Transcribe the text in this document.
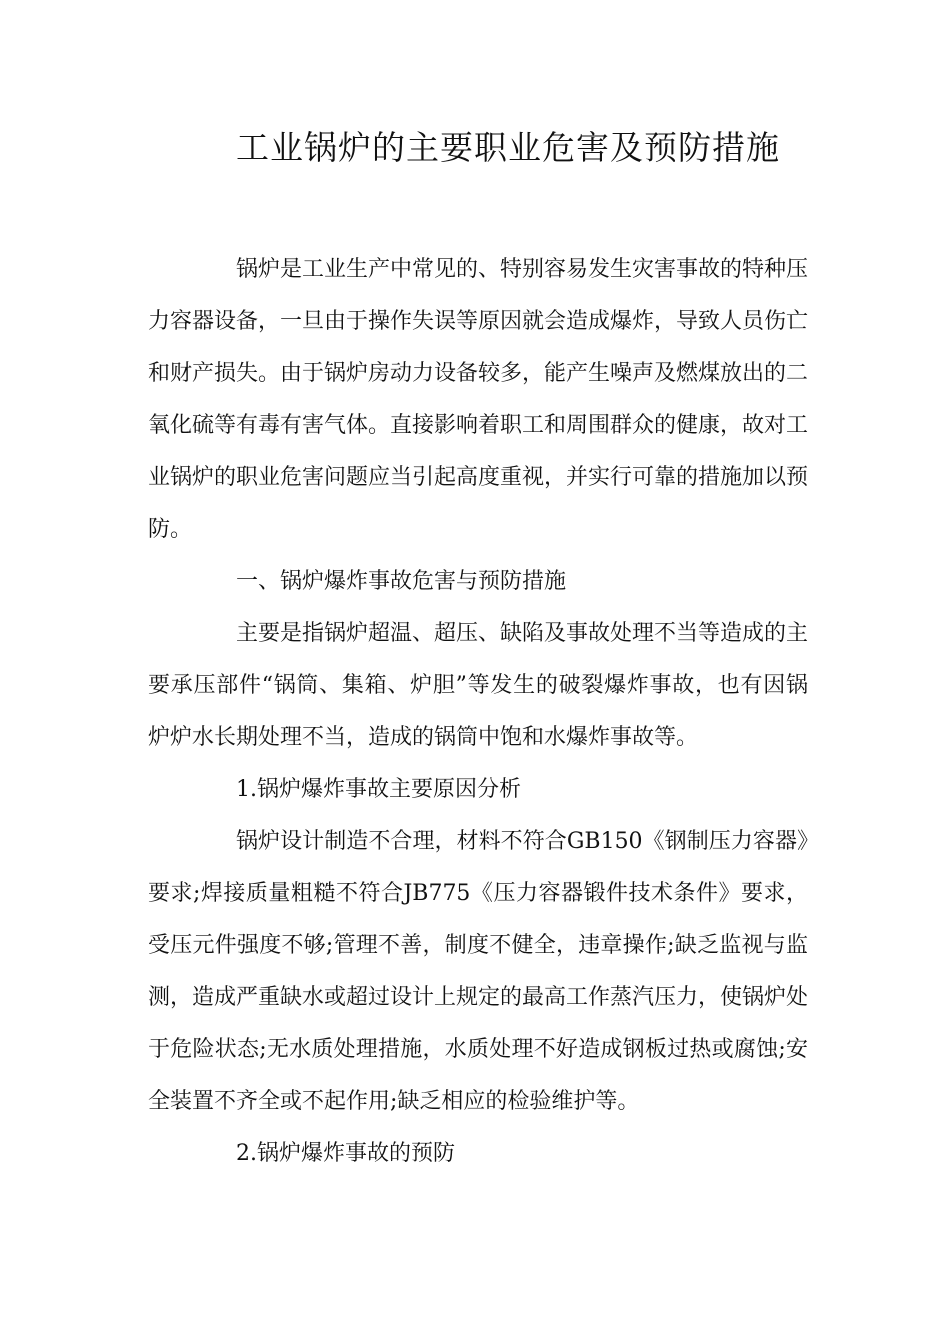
工业锅炉的主要职业危害及预防措施

锅炉是工业生产中常见的、特别容易发生灾害事故的特种压力容器设备，一旦由于操作失误等原因就会造成爆炸，导致人员伤亡和财产损失。由于锅炉房动力设备较多，能产生噪声及燃煤放出的二氧化硫等有毒有害气体。直接影响着职工和周围群众的健康，故对工业锅炉的职业危害问题应当引起高度重视，并实行可靠的措施加以预防。

一、锅炉爆炸事故危害与预防措施

主要是指锅炉超温、超压、缺陷及事故处理不当等造成的主要承压部件“锅筒、集箱、炉胆”等发生的破裂爆炸事故，也有因锅炉炉水长期处理不当，造成的锅筒中饱和水爆炸事故等。

1.锅炉爆炸事故主要原因分析

锅炉设计制造不合理，材料不符合GB150《钢制压力容器》要求;焊接质量粗糙不符合JB775《压力容器锻件技术条件》要求，受压元件强度不够;管理不善，制度不健全，违章操作;缺乏监视与监测，造成严重缺水或超过设计上规定的最高工作蒸汽压力，使锅炉处于危险状态;无水质处理措施，水质处理不好造成钢板过热或腐蚀;安全装置不齐全或不起作用;缺乏相应的检验维护等。

2.锅炉爆炸事故的预防
